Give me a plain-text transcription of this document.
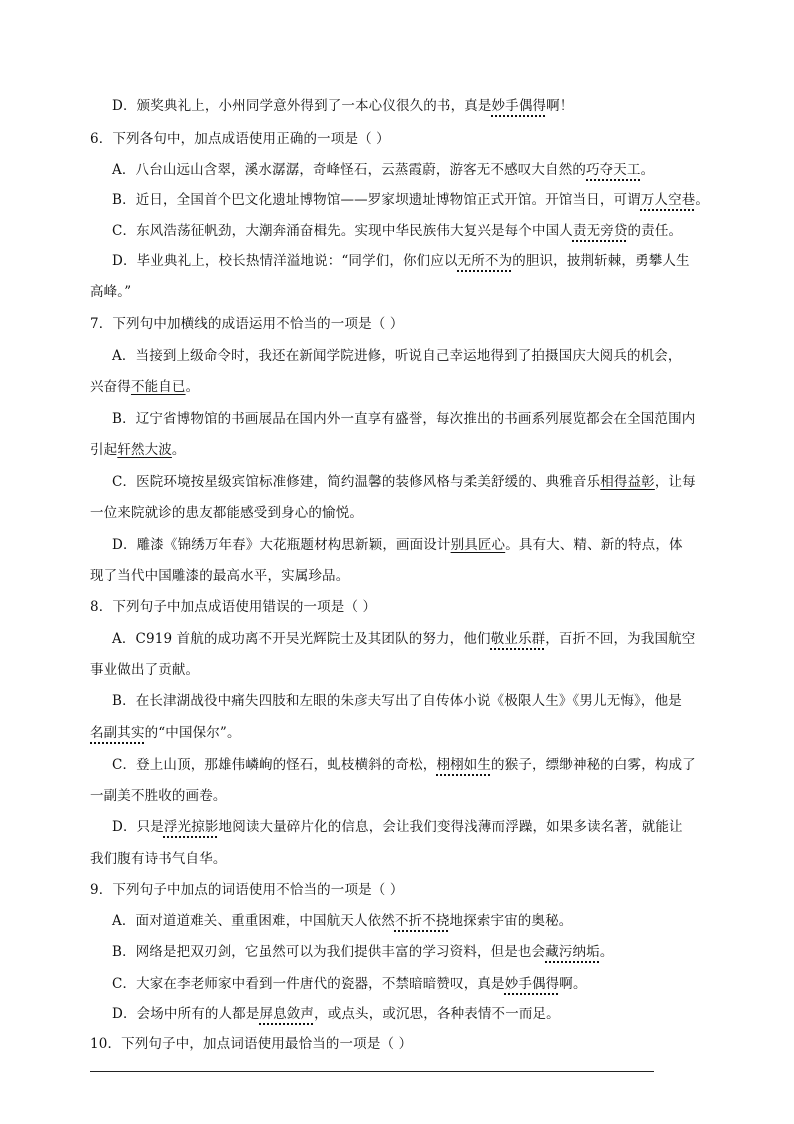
D．颁奖典礼上，小州同学意外得到了一本心仪很久的书，真是妙手偶得啊！
6．下列各句中，加点成语使用正确的一项是（ ）
A．八台山远山含翠，溪水潺潺，奇峰怪石，云蒸霞蔚，游客无不感叹大自然的巧夺天工。
B．近日，全国首个巴文化遗址博物馆——罗家坝遗址博物馆正式开馆。开馆当日，可谓万人空巷。
C．东风浩荡征帆劲，大潮奔涌奋楫先。实现中华民族伟大复兴是每个中国人责无旁贷的责任。
D．毕业典礼上，校长热情洋溢地说：“同学们，你们应以无所不为的胆识，披荆斩棘，勇攀人生
高峰。”
7．下列句中加横线的成语运用不恰当的一项是（ ）
A．当接到上级命令时，我还在新闻学院进修，听说自己幸运地得到了拍摄国庆大阅兵的机会，
兴奋得不能自已。
B．辽宁省博物馆的书画展品在国内外一直享有盛誉，每次推出的书画系列展览都会在全国范围内
引起轩然大波。
C．医院环境按星级宾馆标准修建，简约温馨的装修风格与柔美舒缓的、典雅音乐相得益彰，让每
一位来院就诊的患友都能感受到身心的愉悦。
D．雕漆《锦绣万年春》大花瓶题材构思新颖，画面设计别具匠心。具有大、精、新的特点，体
现了当代中国雕漆的最高水平，实属珍品。
8．下列句子中加点成语使用错误的一项是（ ）
A．C919 首航的成功离不开吴光辉院士及其团队的努力，他们敬业乐群，百折不回，为我国航空
事业做出了贡献。
B．在长津湖战役中痛失四肢和左眼的朱彦夫写出了自传体小说《极限人生》《男儿无悔》，他是
名副其实的“中国保尔”。
C．登上山顶，那雄伟嶙峋的怪石，虬枝横斜的奇松，栩栩如生的猴子，缥缈神秘的白雾，构成了
一副美不胜收的画卷。
D．只是浮光掠影地阅读大量碎片化的信息，会让我们变得浅薄而浮躁，如果多读名著，就能让
我们腹有诗书气自华。
9．下列句子中加点的词语使用不恰当的一项是（ ）
A．面对道道难关、重重困难，中国航天人依然不折不挠地探索宇宙的奥秘。
B．网络是把双刃剑，它虽然可以为我们提供丰富的学习资料，但是也会藏污纳垢。
C．大家在李老师家中看到一件唐代的瓷器，不禁暗暗赞叹，真是妙手偶得啊。
D．会场中所有的人都是屏息敛声，或点头，或沉思，各种表情不一而足。
10．下列句子中，加点词语使用最恰当的一项是（ ）
